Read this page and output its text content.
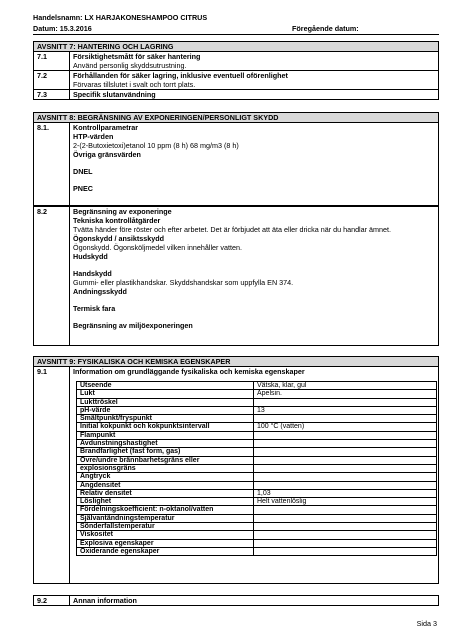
Handelsnamn: LX HARJAKONESHAMPOO CITRUS
Datum: 15.3.2016	Föregående datum:
AVSNITT 7: HANTERING OCH LAGRING	
7.1	Försiktighetsmått för säker hantering
Använd personlig skyddsutrustning.

7.2	Förhållanden för säker lagring, inklusive eventuell oförenlighet
Förvaras tillslutet i svalt och torrt plats.

7.3	Specifik slutanvändning
AVSNITT 8: BEGRÄNSNING AV EXPONERINGEN/PERSONLIGT SKYDD
8.1.	Kontrollparametrar
HTP-värden
2-(2-Butoxietoxi)etanol 10 ppm (8 h) 68 mg/m3 (8 h)
Övriga gränsvärden
DNEL
PNEC
8.2	Begränsning av exponeringe
Tekniska kontrollåtgärder
Tvätta händer före röster och efter arbetet. Det är förbjudet att äta eller dricka när du handlar ämnet.
Ögonskydd / ansiktsskydd
Ögonskydd. Ögonsköljmedel vilken innehåller vatten.
Hudskydd
Handskydd
Gummi- eller plastikhandskar. Skyddshandskar som uppfylla EN 374.
Andningsskydd
Termisk fara
Begränsning av miljöexponeringen
AVSNITT 9: FYSIKALISKA OCH KEMISKA EGENSKAPER
9.1	Information om grundläggande fysikaliska och kemiska egenskaper
Utseende	Vätska, klar, gul
Lukt	Apelsin.
Lukttröskel	
pH-värde	13
Smältpunkt/fryspunkt	
Initial kokpunkt och kokpunktsintervall	100 °C (vatten)
Flampunkt	
Avdunstningshastighet	
Brandfarlighet (fast form, gas)	
Övre/undre brännbarhetsgräns eller	
explosionsgräns	
Ångtryck	
Ångdensitet	
Relativ densitet	1,03
Löslighet	Helt vattenlöslig
Fördelningskoefficient: n-oktanol/vatten	
Självantändningstemperatur	
Sönderfallstemperatur	
Viskositet	
Explosiva egenskaper	
Oxiderande egenskaper	
9.2	Annan information
Sida 3
